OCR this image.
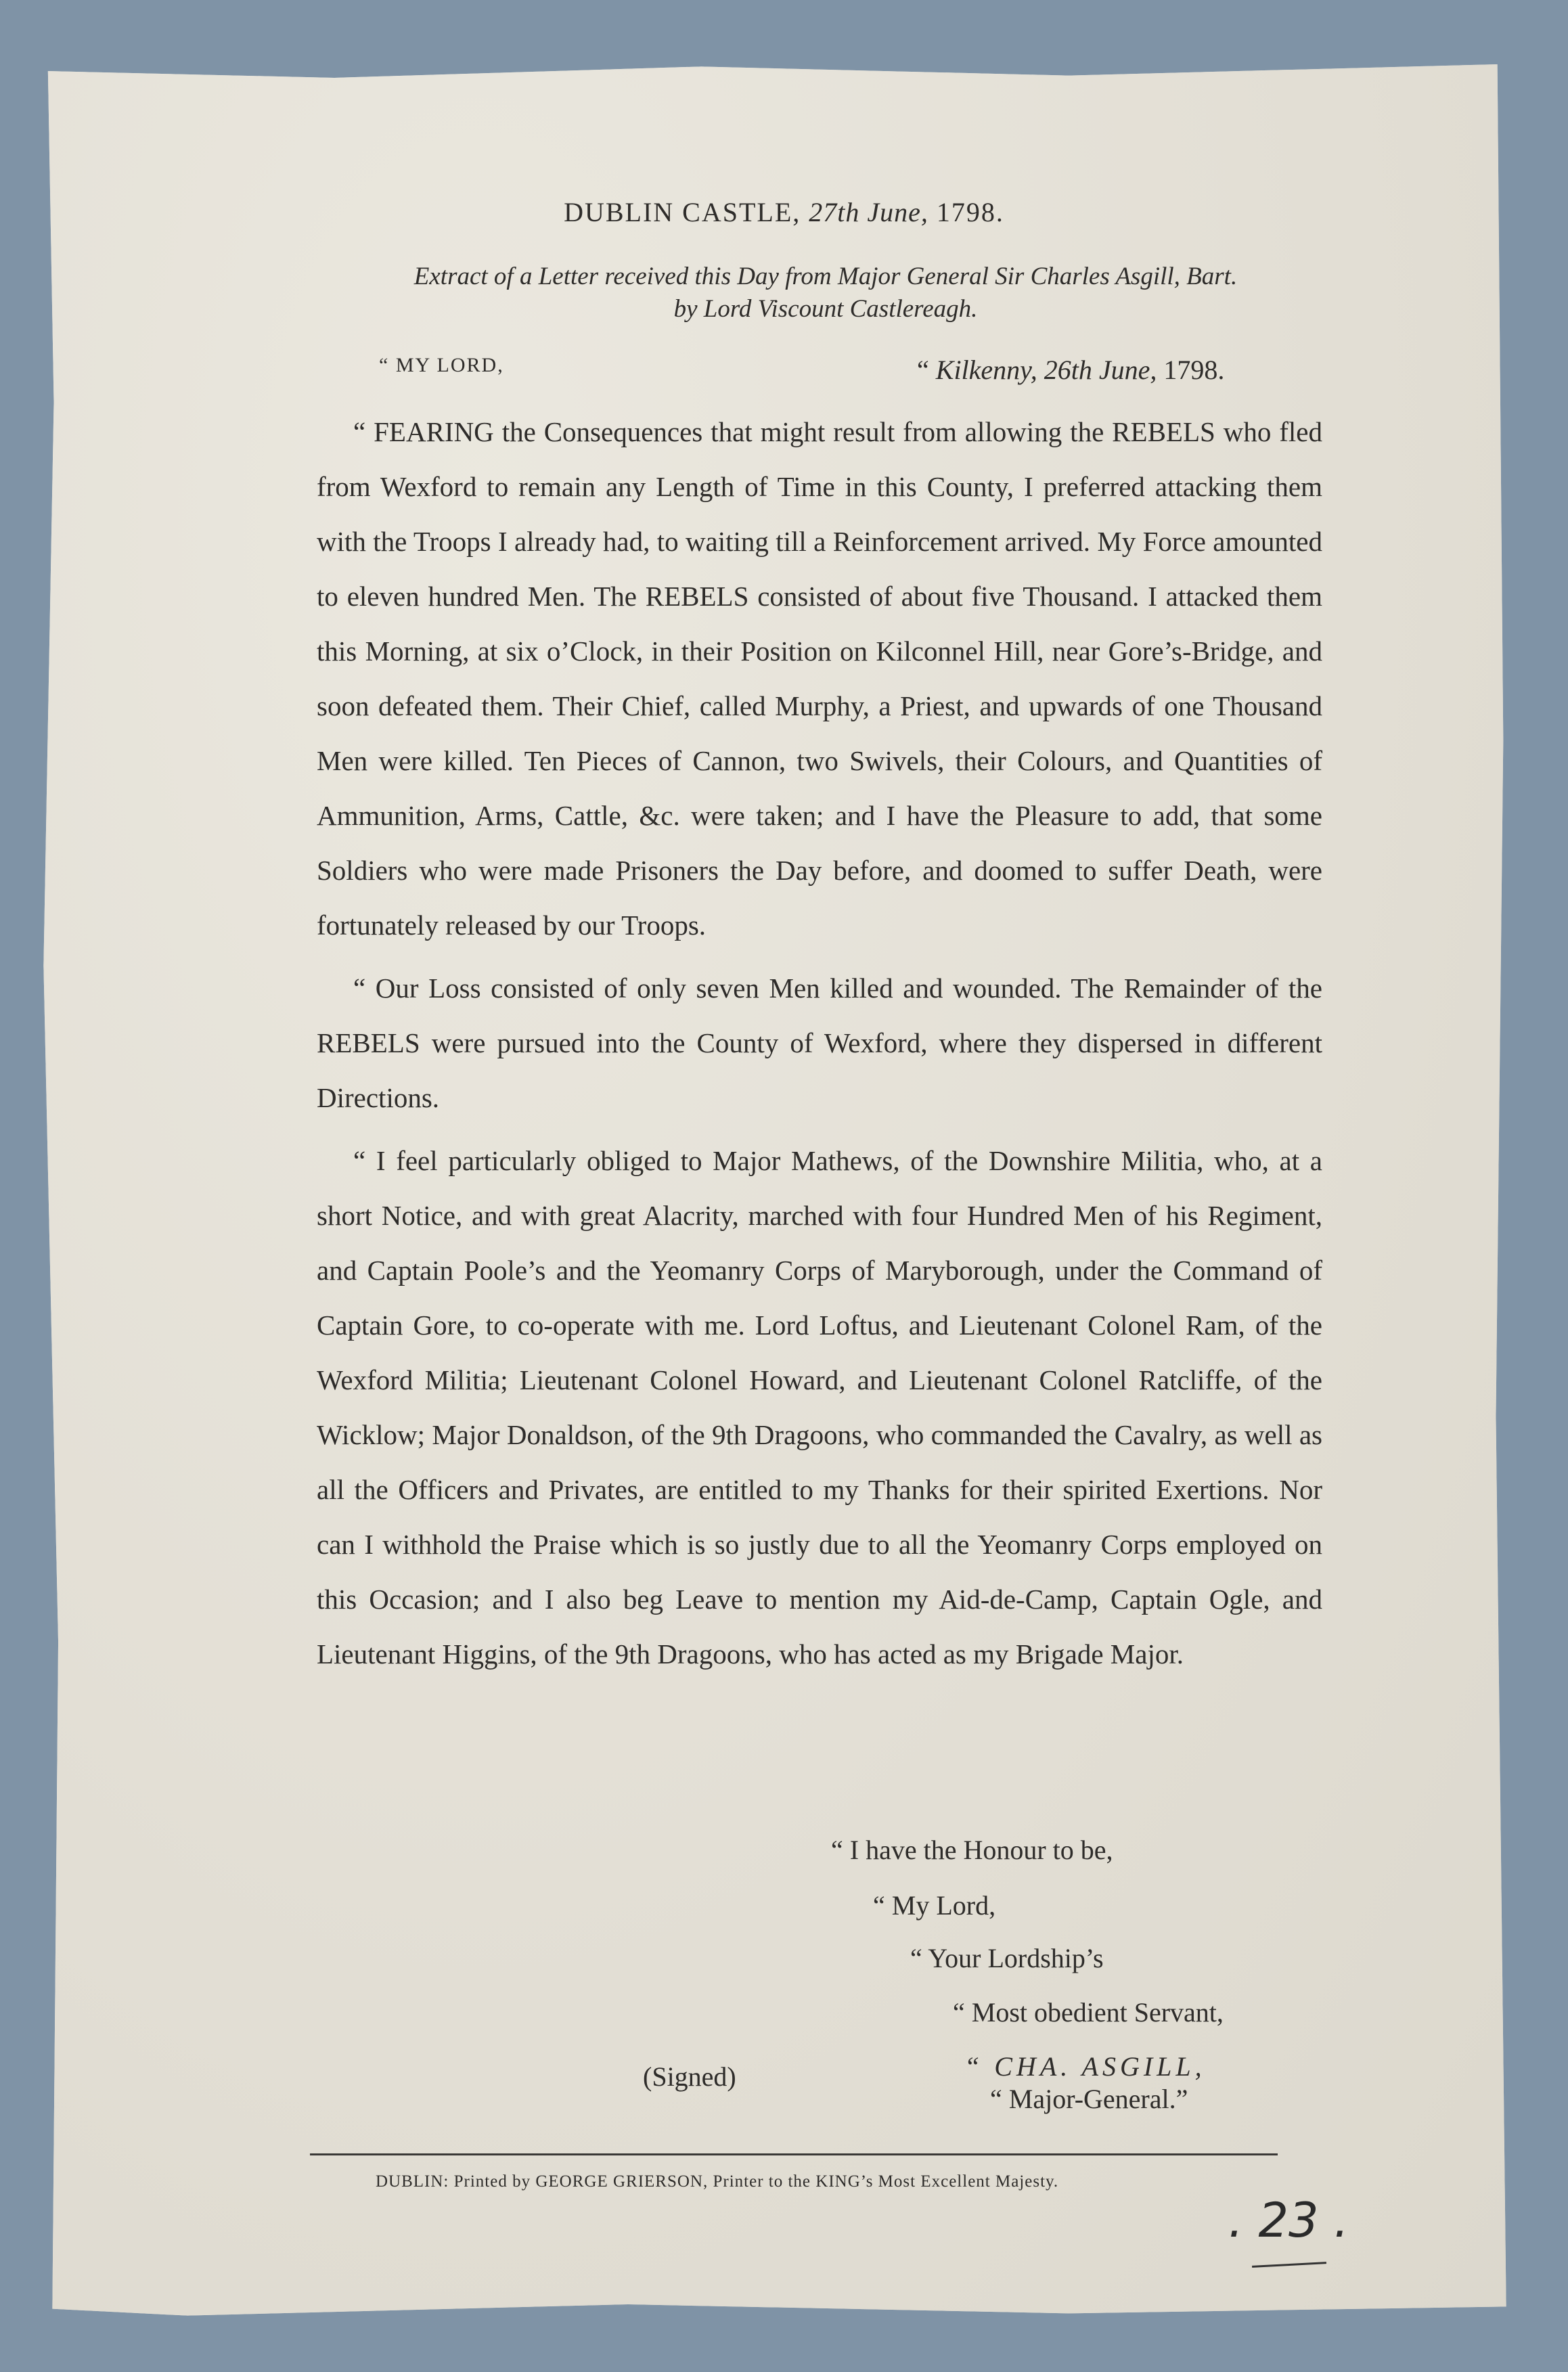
DUBLIN CASTLE, 27th June, 1798.
Extract of a Letter received this Day from Major General Sir Charles Asgill, Bart.
by Lord Viscount Castlereagh.
“ MY LORD,	“ Kilkenny, 26th June, 1798.

“ FEARING the Consequences that might result from allowing the REBELS who fled from Wexford to remain any Length of Time in this County, I preferred attacking them with the Troops I already had, to waiting till a Reinforcement arrived. My Force amounted to eleven hundred Men. The REBELS consisted of about five Thousand. I attacked them this Morning, at six o’Clock, in their Position on Kilconnel Hill, near Gore’s-Bridge, and soon defeated them. Their Chief, called Murphy, a Priest, and upwards of one Thousand Men were killed. Ten Pieces of Cannon, two Swivels, their Colours, and Quantities of Ammunition, Arms, Cattle, &c. were taken; and I have the Pleasure to add, that some Soldiers who were made Prisoners the Day before, and doomed to suffer Death, were fortunately released by our Troops.

“ Our Loss consisted of only seven Men killed and wounded. The Remainder of the REBELS were pursued into the County of Wexford, where they dispersed in different Directions.

“ I feel particularly obliged to Major Mathews, of the Downshire Militia, who, at a short Notice, and with great Alacrity, marched with four Hundred Men of his Regiment, and Captain Poole’s and the Yeomanry Corps of Maryborough, under the Command of Captain Gore, to co-operate with me. Lord Loftus, and Lieutenant Colonel Ram, of the Wexford Militia; Lieutenant Colonel Howard, and Lieutenant Colonel Ratcliffe, of the Wicklow; Major Donaldson, of the 9th Dragoons, who commanded the Cavalry, as well as all the Officers and Privates, are entitled to my Thanks for their spirited Exertions. Nor can I withhold the Praise which is so justly due to all the Yeomanry Corps employed on this Occasion; and I also beg Leave to mention my Aid-de-Camp, Captain Ogle, and Lieutenant Higgins, of the 9th Dragoons, who has acted as my Brigade Major.

“ I have the Honour to be,
“ My Lord,
“ Your Lordship’s
“ Most obedient Servant,
“ CHA. ASGILL,
“ Major-General.”
(Signed)
DUBLIN: Printed by GEORGE GRIERSON, Printer to the KING’s Most Excellent Majesty.
. 23 .
